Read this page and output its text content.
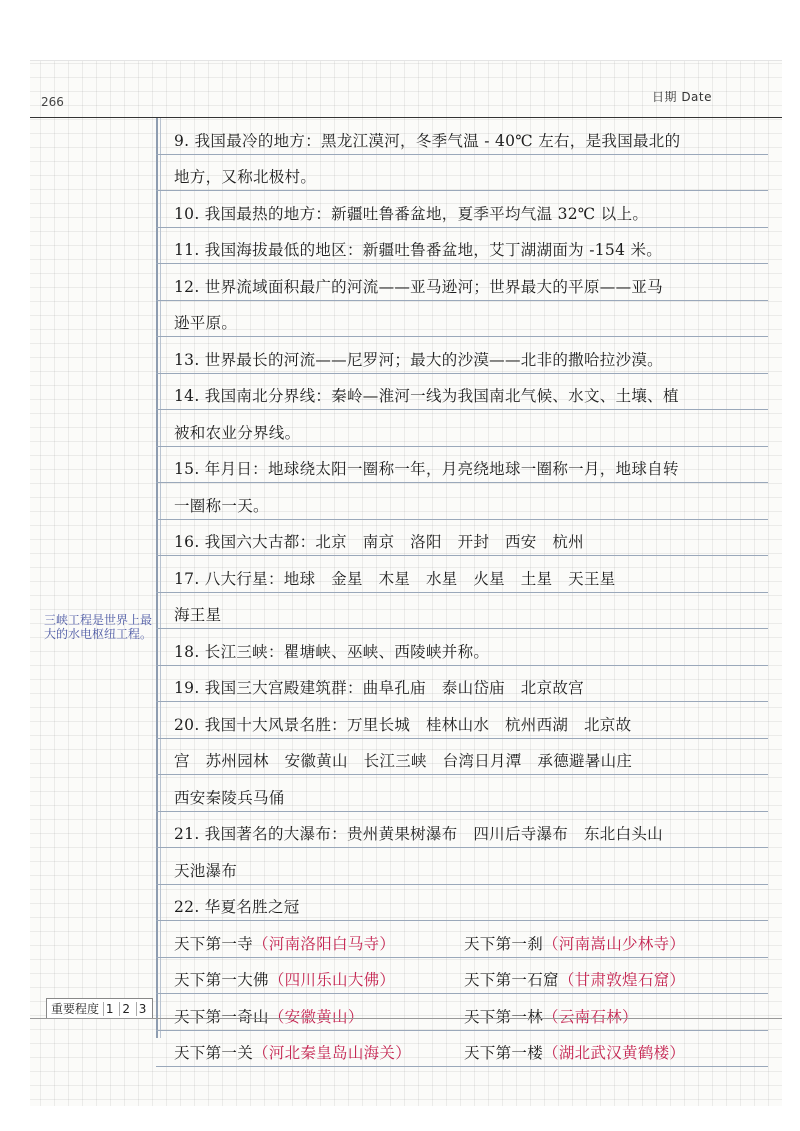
266	日期 Date
三峡工程是世界上最大的水电枢纽工程。
9. 我国最冷的地方：黑龙江漠河，冬季气温 - 40℃ 左右，是我国最北的
地方，又称北极村。
10. 我国最热的地方：新疆吐鲁番盆地，夏季平均气温 32℃ 以上。
11. 我国海拔最低的地区：新疆吐鲁番盆地，艾丁湖湖面为 -154 米。
12. 世界流域面积最广的河流——亚马逊河；世界最大的平原——亚马
逊平原。
13. 世界最长的河流——尼罗河；最大的沙漠——北非的撒哈拉沙漠。
14. 我国南北分界线：秦岭—淮河一线为我国南北气候、水文、土壤、植
被和农业分界线。
15. 年月日：地球绕太阳一圈称一年，月亮绕地球一圈称一月，地球自转
一圈称一天。
16. 我国六大古都：北京　南京　洛阳　开封　西安　杭州
17. 八大行星：地球　金星　木星　水星　火星　土星　天王星
海王星
18. 长江三峡：瞿塘峡、巫峡、西陵峡并称。
19. 我国三大宫殿建筑群：曲阜孔庙　泰山岱庙　北京故宫
20. 我国十大风景名胜：万里长城　桂林山水　杭州西湖　北京故
宫　苏州园林　安徽黄山　长江三峡　台湾日月潭　承德避暑山庄
西安秦陵兵马俑
21. 我国著名的大瀑布：贵州黄果树瀑布　四川后寺瀑布　东北白头山
天池瀑布
22. 华夏名胜之冠
天下第一寺（河南洛阳白马寺）	天下第一刹（河南嵩山少林寺）
天下第一大佛（四川乐山大佛）	天下第一石窟（甘肃敦煌石窟）
天下第一奇山（安徽黄山）	天下第一林（云南石林）
天下第一关（河北秦皇岛山海关）	天下第一楼（湖北武汉黄鹤楼）
重要程度 1 2 3
